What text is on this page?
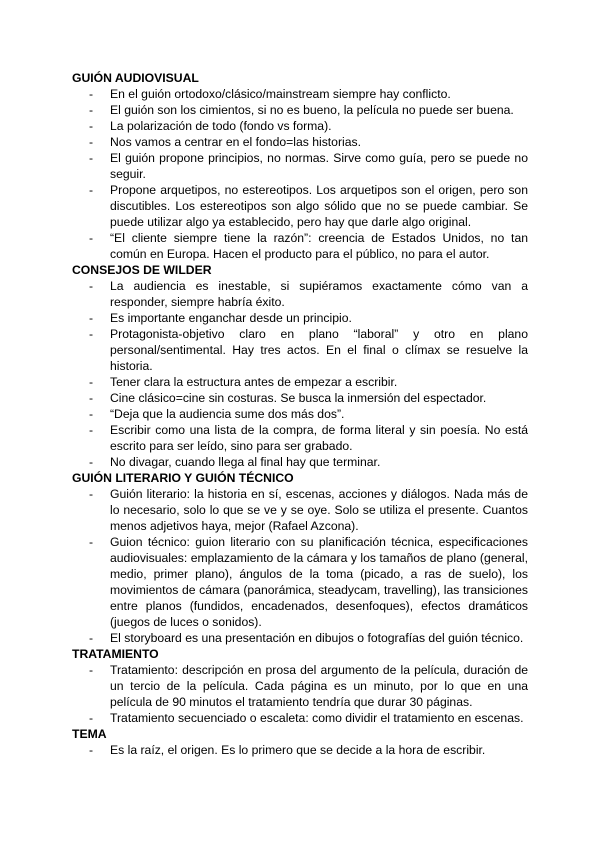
GUIÓN AUDIOVISUAL
- En el guión ortodoxo/clásico/mainstream siempre hay conflicto.
- El guión son los cimientos, si no es bueno, la película no puede ser buena.
- La polarización de todo (fondo vs forma).
- Nos vamos a centrar en el fondo=las historias.
- El guión propone principios, no normas. Sirve como guía, pero se puede no seguir.
- Propone arquetipos, no estereotipos. Los arquetipos son el origen, pero son discutibles. Los estereotipos son algo sólido que no se puede cambiar. Se puede utilizar algo ya establecido, pero hay que darle algo original.
- “El cliente siempre tiene la razón”: creencia de Estados Unidos, no tan común en Europa. Hacen el producto para el público, no para el autor.
CONSEJOS DE WILDER
- La audiencia es inestable, si supiéramos exactamente cómo van a responder, siempre habría éxito.
- Es importante enganchar desde un principio.
- Protagonista-objetivo claro en plano “laboral” y otro en plano personal/sentimental. Hay tres actos. En el final o clímax se resuelve la historia.
- Tener clara la estructura antes de empezar a escribir.
- Cine clásico=cine sin costuras. Se busca la inmersión del espectador.
- “Deja que la audiencia sume dos más dos”.
- Escribir como una lista de la compra, de forma literal y sin poesía. No está escrito para ser leído, sino para ser grabado.
- No divagar, cuando llega al final hay que terminar.
GUIÓN LITERARIO Y GUIÓN TÉCNICO
- Guión literario: la historia en sí, escenas, acciones y diálogos. Nada más de lo necesario, solo lo que se ve y se oye. Solo se utiliza el presente. Cuantos menos adjetivos haya, mejor (Rafael Azcona).
- Guion técnico: guion literario con su planificación técnica, especificaciones audiovisuales: emplazamiento de la cámara y los tamaños de plano (general, medio, primer plano), ángulos de la toma (picado, a ras de suelo), los movimientos de cámara (panorámica, steadycam, travelling), las transiciones entre planos (fundidos, encadenados, desenfoques), efectos dramáticos (juegos de luces o sonidos).
- El storyboard es una presentación en dibujos o fotografías del guión técnico.
TRATAMIENTO
- Tratamiento: descripción en prosa del argumento de la película, duración de un tercio de la película. Cada página es un minuto, por lo que en una película de 90 minutos el tratamiento tendría que durar 30 páginas.
- Tratamiento secuenciado o escaleta: como dividir el tratamiento en escenas.
TEMA
- Es la raíz, el origen. Es lo primero que se decide a la hora de escribir.
